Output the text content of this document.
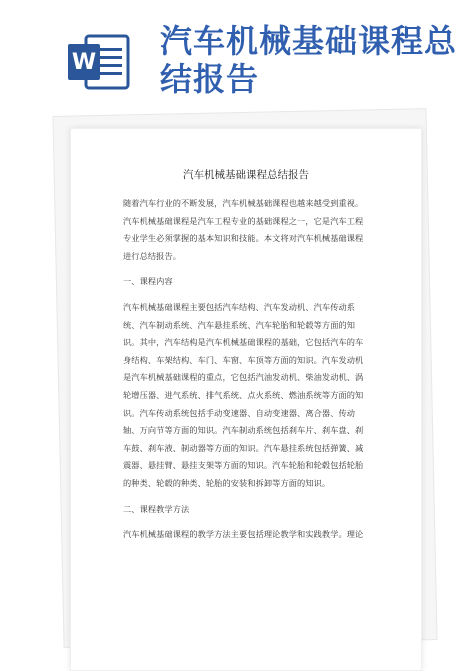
W
汽车机械基础课程总结报告
汽车机械基础课程总结报告

随着汽车行业的不断发展，汽车机械基础课程也越来越受到重视。

汽车机械基础课程是汽车工程专业的基础课程之一，它是汽车工程专业学生必须掌握的基本知识和技能。本文将对汽车机械基础课程进行总结报告。

一、课程内容

汽车机械基础课程主要包括汽车结构、汽车发动机、汽车传动系统、汽车制动系统、汽车悬挂系统、汽车轮胎和轮毂等方面的知识。其中，汽车结构是汽车机械基础课程的基础，它包括汽车的车身结构、车架结构、车门、车窗、车顶等方面的知识。汽车发动机是汽车机械基础课程的重点，它包括汽油发动机、柴油发动机、涡轮增压器、进气系统、排气系统、点火系统、燃油系统等方面的知识。汽车传动系统包括手动变速器、自动变速器、离合器、传动轴、万向节等方面的知识。汽车制动系统包括刹车片、刹车盘、刹车鼓、刹车液、制动器等方面的知识。汽车悬挂系统包括弹簧、减震器、悬挂臂、悬挂支架等方面的知识。汽车轮胎和轮毂包括轮胎的种类、轮毂的种类、轮胎的安装和拆卸等方面的知识。

二、课程教学方法

汽车机械基础课程的教学方法主要包括理论教学和实践教学。理论
